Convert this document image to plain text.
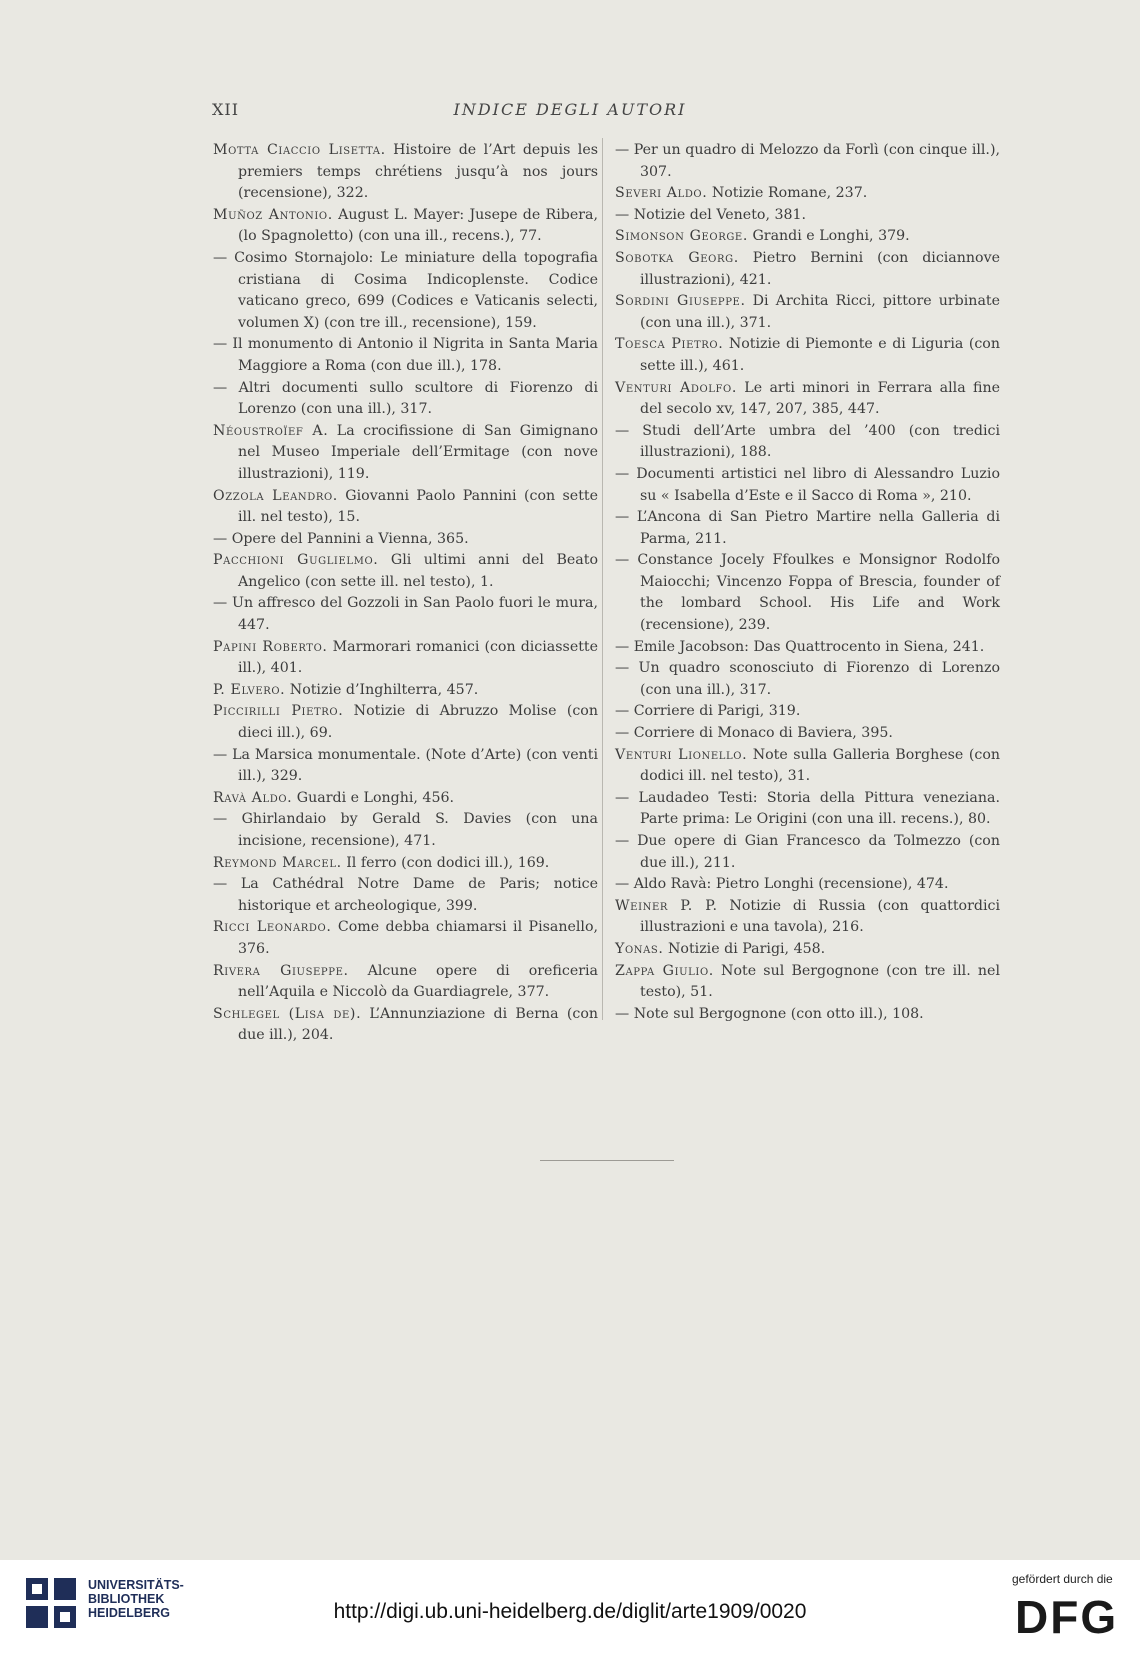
XII	INDICE DEGLI AUTORI

Motta Ciaccio Lisetta. Histoire de l’Art depuis les premiers temps chrétiens jusqu’à nos jours (recensione), 322.

Muñoz Antonio. August L. Mayer: Jusepe de Ribera, (lo Spagnoletto) (con una ill., recens.), 77.

— Cosimo Stornajolo: Le miniature della topografia cristiana di Cosima Indicoplenste. Codice vaticano greco, 699 (Codices e Vaticanis selecti, volumen X) (con tre ill., recensione), 159.

— Il monumento di Antonio il Nigrita in Santa Maria Maggiore a Roma (con due ill.), 178.

— Altri documenti sullo scultore di Fiorenzo di Lorenzo (con una ill.), 317.

Néoustroïef A. La crocifissione di San Gimignano nel Museo Imperiale dell’Ermitage (con nove illustrazioni), 119.

Ozzola Leandro. Giovanni Paolo Pannini (con sette ill. nel testo), 15.

— Opere del Pannini a Vienna, 365.

Pacchioni Guglielmo. Gli ultimi anni del Beato Angelico (con sette ill. nel testo), 1.

— Un affresco del Gozzoli in San Paolo fuori le mura, 447.

Papini Roberto. Marmorari romanici (con diciassette ill.), 401.

P. Elvero. Notizie d’Inghilterra, 457.

Piccirilli Pietro. Notizie di Abruzzo Molise (con dieci ill.), 69.

— La Marsica monumentale. (Note d’Arte) (con venti ill.), 329.

Ravà Aldo. Guardi e Longhi, 456.

— Ghirlandaio by Gerald S. Davies (con una incisione, recensione), 471.

Reymond Marcel. Il ferro (con dodici ill.), 169.

— La Cathédral Notre Dame de Paris; notice historique et archeologique, 399.

Ricci Leonardo. Come debba chiamarsi il Pisanello, 376.

Rivera Giuseppe. Alcune opere di oreficeria nell’Aquila e Niccolò da Guardiagrele, 377.

Schlegel (Lisa de). L’Annunziazione di Berna (con due ill.), 204.

— Per un quadro di Melozzo da Forlì (con cinque ill.), 307.

Severi Aldo. Notizie Romane, 237.

— Notizie del Veneto, 381.

Simonson George. Grandi e Longhi, 379.

Sobotka Georg. Pietro Bernini (con diciannove illustrazioni), 421.

Sordini Giuseppe. Di Archita Ricci, pittore urbinate (con una ill.), 371.

Toesca Pietro. Notizie di Piemonte e di Liguria (con sette ill.), 461.

Venturi Adolfo. Le arti minori in Ferrara alla fine del secolo xv, 147, 207, 385, 447.

— Studi dell’Arte umbra del ’400 (con tredici illustrazioni), 188.

— Documenti artistici nel libro di Alessandro Luzio su « Isabella d’Este e il Sacco di Roma », 210.

— L’Ancona di San Pietro Martire nella Galleria di Parma, 211.

— Constance Jocely Ffoulkes e Monsignor Rodolfo Maiocchi; Vincenzo Foppa of Brescia, founder of the lombard School. His Life and Work (recensione), 239.

— Emile Jacobson: Das Quattrocento in Siena, 241.

— Un quadro sconosciuto di Fiorenzo di Lorenzo (con una ill.), 317.

— Corriere di Parigi, 319.

— Corriere di Monaco di Baviera, 395.

Venturi Lionello. Note sulla Galleria Borghese (con dodici ill. nel testo), 31.

— Laudadeo Testi: Storia della Pittura veneziana. Parte prima: Le Origini (con una ill. recens.), 80.

— Due opere di Gian Francesco da Tolmezzo (con due ill.), 211.

— Aldo Ravà: Pietro Longhi (recensione), 474.

Weiner P. P. Notizie di Russia (con quattordici illustrazioni e una tavola), 216.

Yonas. Notizie di Parigi, 458.

Zappa Giulio. Note sul Bergognone (con tre ill. nel testo), 51.

— Note sul Bergognone (con otto ill.), 108.

UNIVERSITÄTS-
BIBLIOTHEK
HEIDELBERG	http://digi.ub.uni-heidelberg.de/diglit/arte1909/0020
gefördert durch die
DFG
